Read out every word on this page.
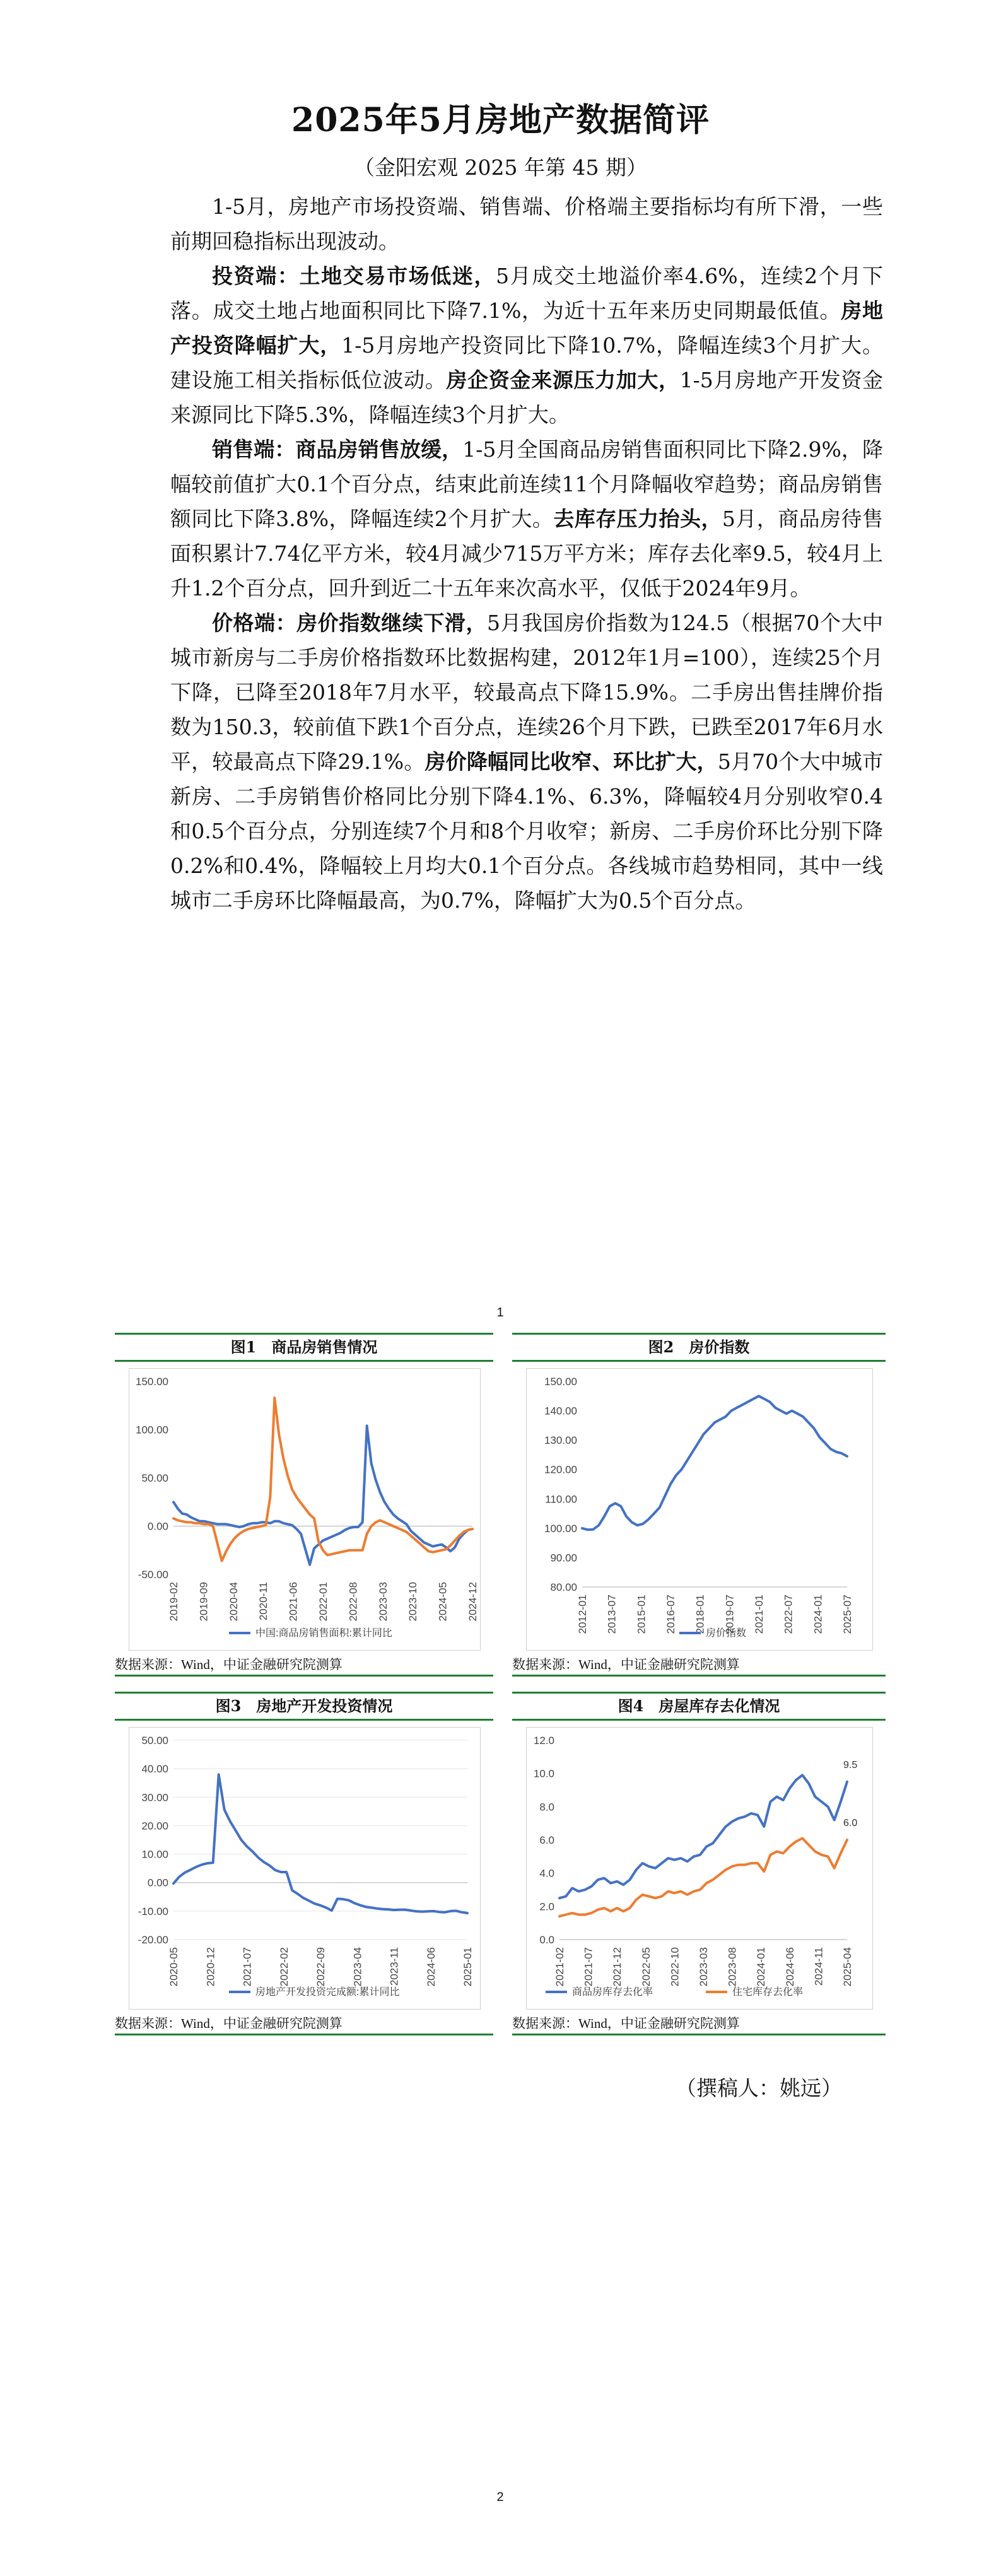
2025年5月房地产数据简评
（金阳宏观 2025 年第 45 期）

1-5月，房地产市场投资端、销售端、价格端主要指标均有所下滑，一些前期回稳指标出现波动。

投资端：土地交易市场低迷，5月成交土地溢价率4.6%，连续2个月下落。成交土地占地面积同比下降7.1%，为近十五年来历史同期最低值。房地产投资降幅扩大，1-5月房地产投资同比下降10.7%，降幅连续3个月扩大。建设施工相关指标低位波动。房企资金来源压力加大，1-5月房地产开发资金来源同比下降5.3%，降幅连续3个月扩大。

销售端：商品房销售放缓，1-5月全国商品房销售面积同比下降2.9%，降幅较前值扩大0.1个百分点，结束此前连续11个月降幅收窄趋势；商品房销售额同比下降3.8%，降幅连续2个月扩大。去库存压力抬头，5月，商品房待售面积累计7.74亿平方米，较4月减少715万平方米；库存去化率9.5，较4月上升1.2个百分点，回升到近二十五年来次高水平，仅低于2024年9月。

价格端：房价指数继续下滑，5月我国房价指数为124.5（根据70个大中城市新房与二手房价格指数环比数据构建，2012年1月=100），连续25个月下降，已降至2018年7月水平，较最高点下降15.9%。二手房出售挂牌价指数为150.3，较前值下跌1个百分点，连续26个月下跌，已跌至2017年6月水平，较最高点下降29.1%。房价降幅同比收窄、环比扩大，5月70个大中城市新房、二手房销售价格同比分别下降4.1%、6.3%，降幅较4月分别收窄0.4和0.5个百分点，分别连续7个月和8个月收窄；新房、二手房价环比分别下降0.2%和0.4%，降幅较上月均大0.1个百分点。各线城市趋势相同，其中一线城市二手房环比降幅最高，为0.7%，降幅扩大为0.5个百分点。

1
图1　商品房销售情况
150.00
100.00
50.00
0.00
-50.00
2019-02 2019-09 2020-04 2020-11 2021-06 2022-01 2022-08 2023-03 2023-10 2024-05 2024-12
中国:商品房销售面积:累计同比
数据来源：Wind，中证金融研究院测算
图2　房价指数
150.00
140.00
130.00
120.00
110.00
100.00
90.00
80.00
2012-01 2013-07 2015-01 2016-07 2018-01 2019-07 2021-01 2022-07 2024-01 2025-07
房价指数
数据来源：Wind，中证金融研究院测算
图3　房地产开发投资情况
50.00
40.00
30.00
20.00
10.00
0.00
-10.00
-20.00
2020-05 2020-12 2021-07 2022-02 2022-09 2023-04 2023-11 2024-06 2025-01
房地产开发投资完成额:累计同比
数据来源：Wind，中证金融研究院测算
图4　房屋库存去化情况
12.0
10.0
8.0
6.0
4.0
2.0
0.0
2021-02 2021-07 2021-12 2022-05 2022-10 2023-03 2023-08 2024-01 2024-06 2024-11 2025-04
9.5
6.0
商品房库存去化率	住宅库存去化率
数据来源：Wind，中证金融研究院测算
（撰稿人：姚远）
2
